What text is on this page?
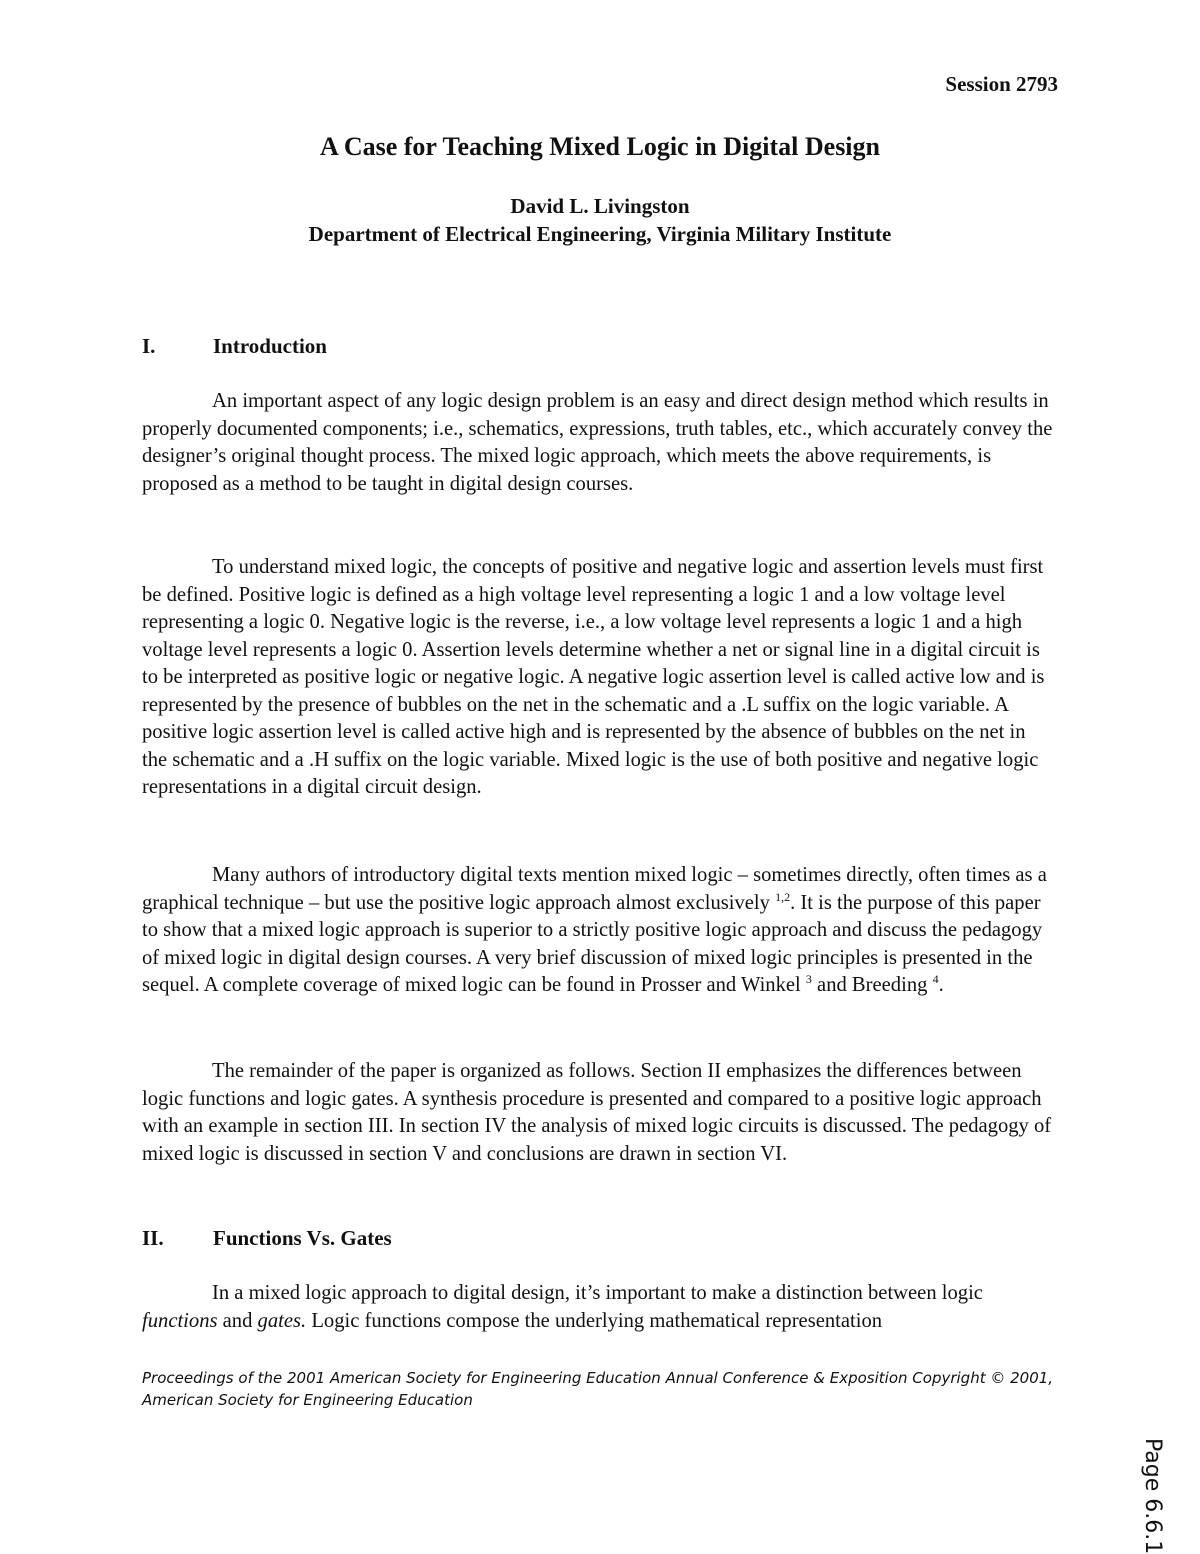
Session 2793
A Case for Teaching Mixed Logic in Digital Design
David L. Livingston
Department of Electrical Engineering, Virginia Military Institute
I.	Introduction
An important aspect of any logic design problem is an easy and direct design method which results in properly documented components; i.e., schematics, expressions, truth tables, etc., which accurately convey the designer’s original thought process. The mixed logic approach, which meets the above requirements, is proposed as a method to be taught in digital design courses.
To understand mixed logic, the concepts of positive and negative logic and assertion levels must first be defined. Positive logic is defined as a high voltage level representing a logic 1 and a low voltage level representing a logic 0. Negative logic is the reverse, i.e., a low voltage level represents a logic 1 and a high voltage level represents a logic 0. Assertion levels determine whether a net or signal line in a digital circuit is to be interpreted as positive logic or negative logic. A negative logic assertion level is called active low and is represented by the presence of bubbles on the net in the schematic and a .L suffix on the logic variable. A positive logic assertion level is called active high and is represented by the absence of bubbles on the net in the schematic and a .H suffix on the logic variable. Mixed logic is the use of both positive and negative logic representations in a digital circuit design.
Many authors of introductory digital texts mention mixed logic – sometimes directly, often times as a graphical technique – but use the positive logic approach almost exclusively $^{1,2}$. It is the purpose of this paper to show that a mixed logic approach is superior to a strictly positive logic approach and discuss the pedagogy of mixed logic in digital design courses. A very brief discussion of mixed logic principles is presented in the sequel. A complete coverage of mixed logic can be found in Prosser and Winkel $^3$ and Breeding $^4$.
The remainder of the paper is organized as follows. Section II emphasizes the differences between logic functions and logic gates. A synthesis procedure is presented and compared to a positive logic approach with an example in section III. In section IV the analysis of mixed logic circuits is discussed. The pedagogy of mixed logic is discussed in section V and conclusions are drawn in section VI.
II. Functions Vs. Gates
In a mixed logic approach to digital design, it’s important to make a distinction between logic functions and gates. Logic functions compose the underlying mathematical representation
Proceedings of the 2001 American Society for Engineering Education Annual Conference & Exposition Copyright © 2001, American Society for Engineering Education
Page 6.6.1
